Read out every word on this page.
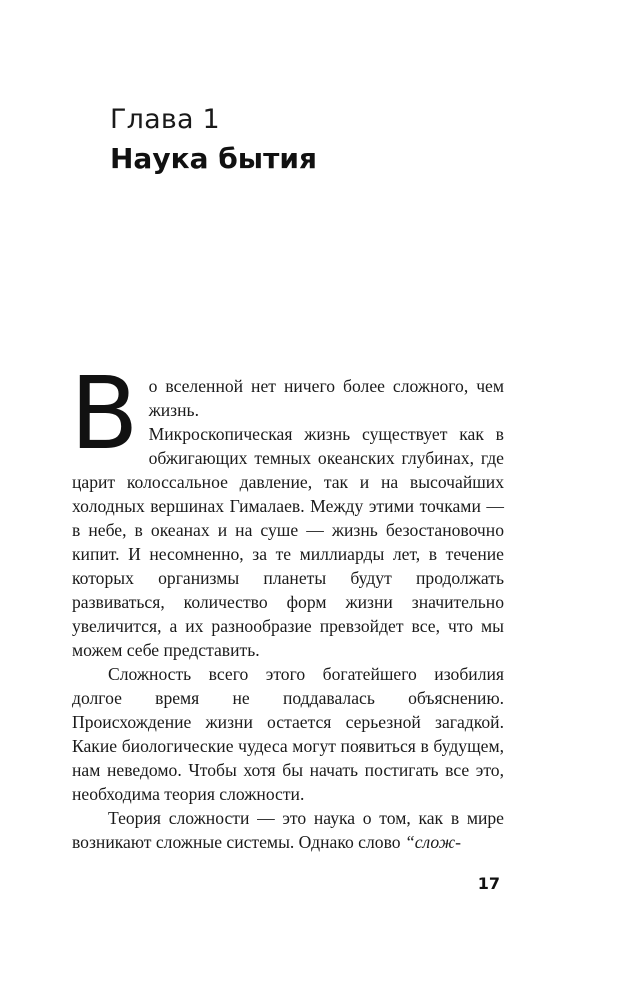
Глава 1
Наука бытия

Во вселенной нет ничего более сложного, чем жизнь.

Микроскопическая жизнь существует как в обжигающих темных океанских глубинах, где царит колоссальное давление, так и на высочайших холодных вершинах Гималаев. Между этими точками — в небе, в океанах и на суше — жизнь безостановочно кипит. И несомненно, за те миллиарды лет, в течение которых организмы планеты будут продолжать развиваться, количество форм жизни значительно увеличится, а их разнообразие превзойдет все, что мы можем себе представить.

Сложность всего этого богатейшего изобилия долгое время не поддавалась объяснению. Происхождение жизни остается серьезной загадкой. Какие биологические чудеса могут появиться в будущем, нам неведомо. Чтобы хотя бы начать постигать все это, необходима теория сложности.

Теория сложности — это наука о том, как в мире возникают сложные системы. Однако слово “слож-

17
